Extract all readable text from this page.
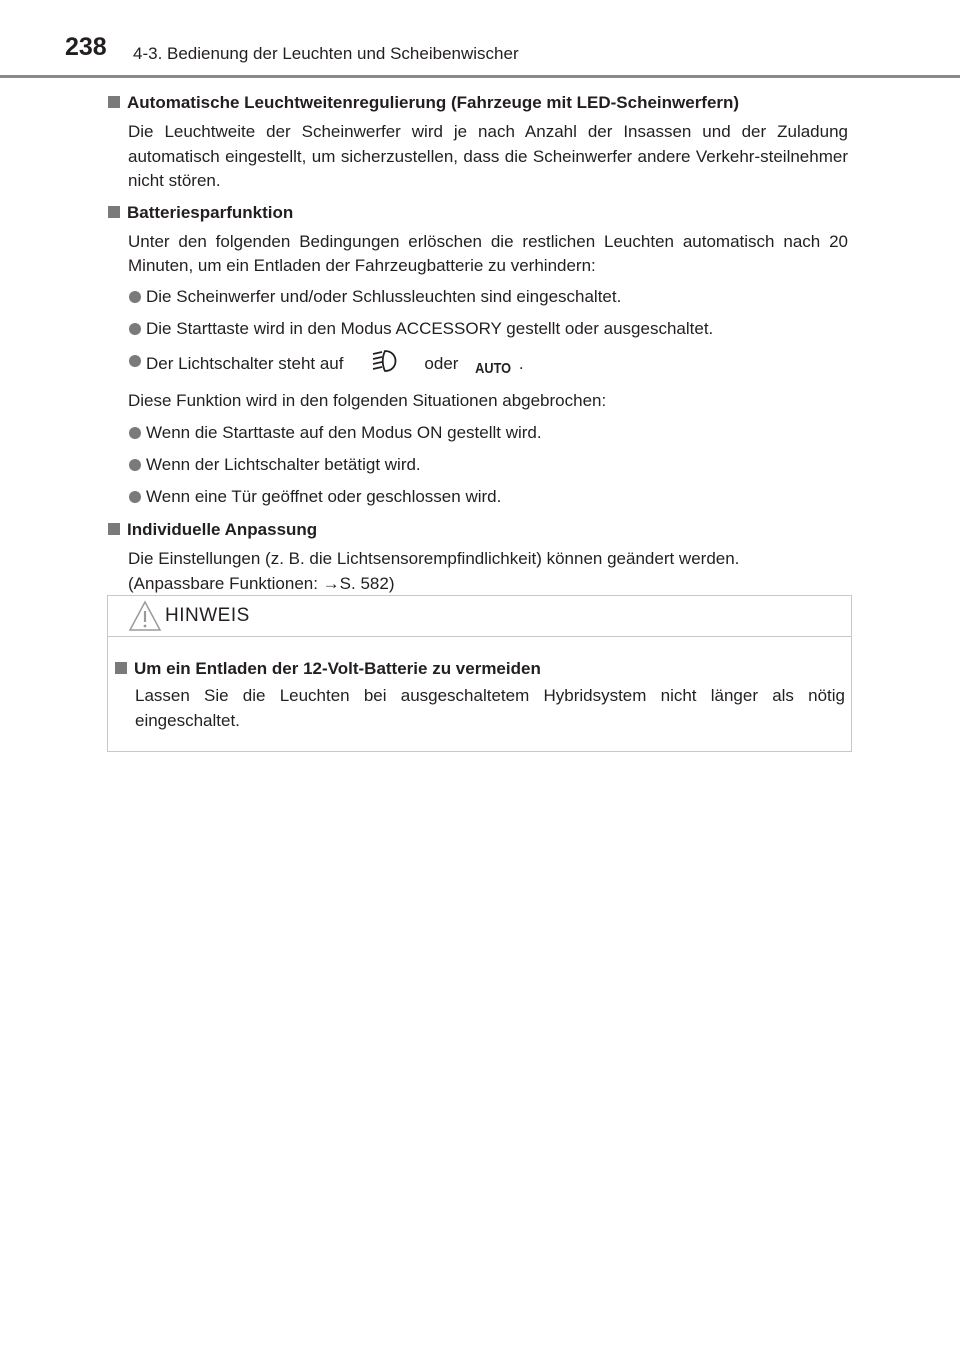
238 4-3. Bedienung der Leuchten und Scheibenwischer
Automatische Leuchtweitenregulierung (Fahrzeuge mit LED-Scheinwerfern)

Die Leuchtweite der Scheinwerfer wird je nach Anzahl der Insassen und der Zuladung automatisch eingestellt, um sicherzustellen, dass die Scheinwerfer andere Verkehr-steilnehmer nicht stören.

Batteriesparfunktion

Unter den folgenden Bedingungen erlöschen die restlichen Leuchten automatisch nach 20 Minuten, um ein Entladen der Fahrzeugbatterie zu verhindern:

Die Scheinwerfer und/oder Schlussleuchten sind eingeschaltet.
Die Starttaste wird in den Modus ACCESSORY gestellt oder ausgeschaltet.
Der Lichtschalter steht auf	oder AUTO .

Diese Funktion wird in den folgenden Situationen abgebrochen:

Wenn die Starttaste auf den Modus ON gestellt wird.
Wenn der Lichtschalter betätigt wird.
Wenn eine Tür geöffnet oder geschlossen wird.
Individuelle Anpassung

Die Einstellungen (z. B. die Lichtsensorempfindlichkeit) können geändert werden.

(Anpassbare Funktionen: →S. 582)

HINWEIS
Um ein Entladen der 12-Volt-Batterie zu vermeiden

Lassen Sie die Leuchten bei ausgeschaltetem Hybridsystem nicht länger als nötig eingeschaltet.
